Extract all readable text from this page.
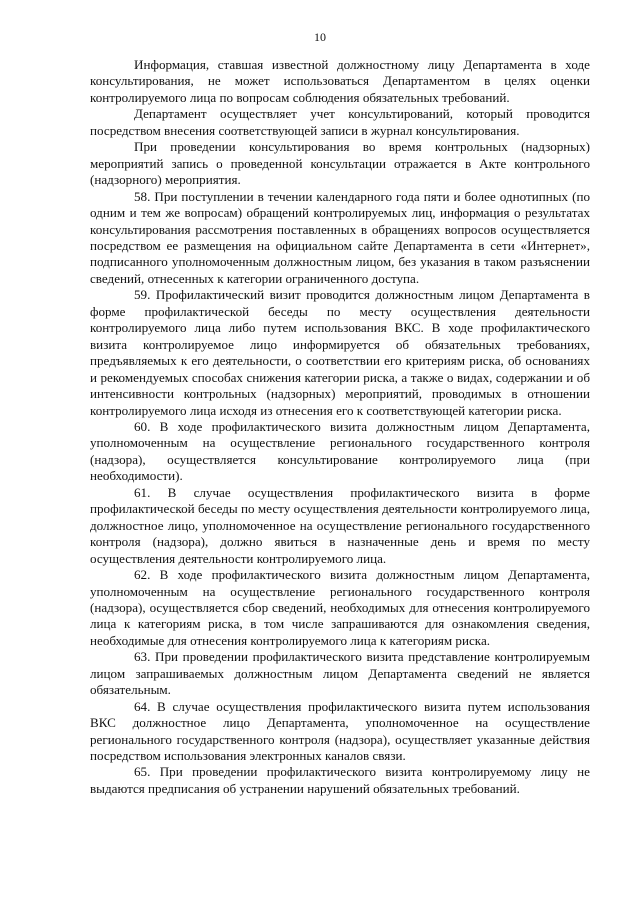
10

Информация, ставшая известной должностному лицу Департамента в ходе консультирования, не может использоваться Департаментом в целях оценки контролируемого лица по вопросам соблюдения обязательных требований.

Департамент осуществляет учет консультирований, который проводится посредством внесения соответствующей записи в журнал консультирования.

При проведении консультирования во время контрольных (надзорных) мероприятий запись о проведенной консультации отражается в Акте контрольного (надзорного) мероприятия.

58. При поступлении в течении календарного года пяти и более однотипных (по одним и тем же вопросам) обращений контролируемых лиц, информация о результатах консультирования рассмотрения поставленных в обращениях вопросов осуществляется посредством ее размещения на официальном сайте Департамента в сети «Интернет», подписанного уполномоченным должностным лицом, без указания в таком разъяснении сведений, отнесенных к категории ограниченного доступа.

59. Профилактический визит проводится должностным лицом Департамента в форме профилактической беседы по месту осуществления деятельности контролируемого лица либо путем использования ВКС. В ходе профилактического визита контролируемое лицо информируется об обязательных требованиях, предъявляемых к его деятельности, о соответствии его критериям риска, об основаниях и рекомендуемых способах снижения категории риска, а также о видах, содержании и об интенсивности контрольных (надзорных) мероприятий, проводимых в отношении контролируемого лица исходя из отнесения его к соответствующей категории риска.

60. В ходе профилактического визита должностным лицом Департамента, уполномоченным на осуществление регионального государственного контроля (надзора), осуществляется консультирование контролируемого лица (при необходимости).

61. В случае осуществления профилактического визита в форме профилактической беседы по месту осуществления деятельности контролируемого лица, должностное лицо, уполномоченное на осуществление регионального государственного контроля (надзора), должно явиться в назначенные день и время по месту осуществления деятельности контролируемого лица.

62. В ходе профилактического визита должностным лицом Департамента, уполномоченным на осуществление регионального государственного контроля (надзора), осуществляется сбор сведений, необходимых для отнесения контролируемого лица к категориям риска, в том числе запрашиваются для ознакомления сведения, необходимые для отнесения контролируемого лица к категориям риска.

63. При проведении профилактического визита представление контролируемым лицом запрашиваемых должностным лицом Департамента сведений не является обязательным.

64. В случае осуществления профилактического визита путем использования ВКС должностное лицо Департамента, уполномоченное на осуществление регионального государственного контроля (надзора), осуществляет указанные действия посредством использования электронных каналов связи.

65. При проведении профилактического визита контролируемому лицу не выдаются предписания об устранении нарушений обязательных требований.
